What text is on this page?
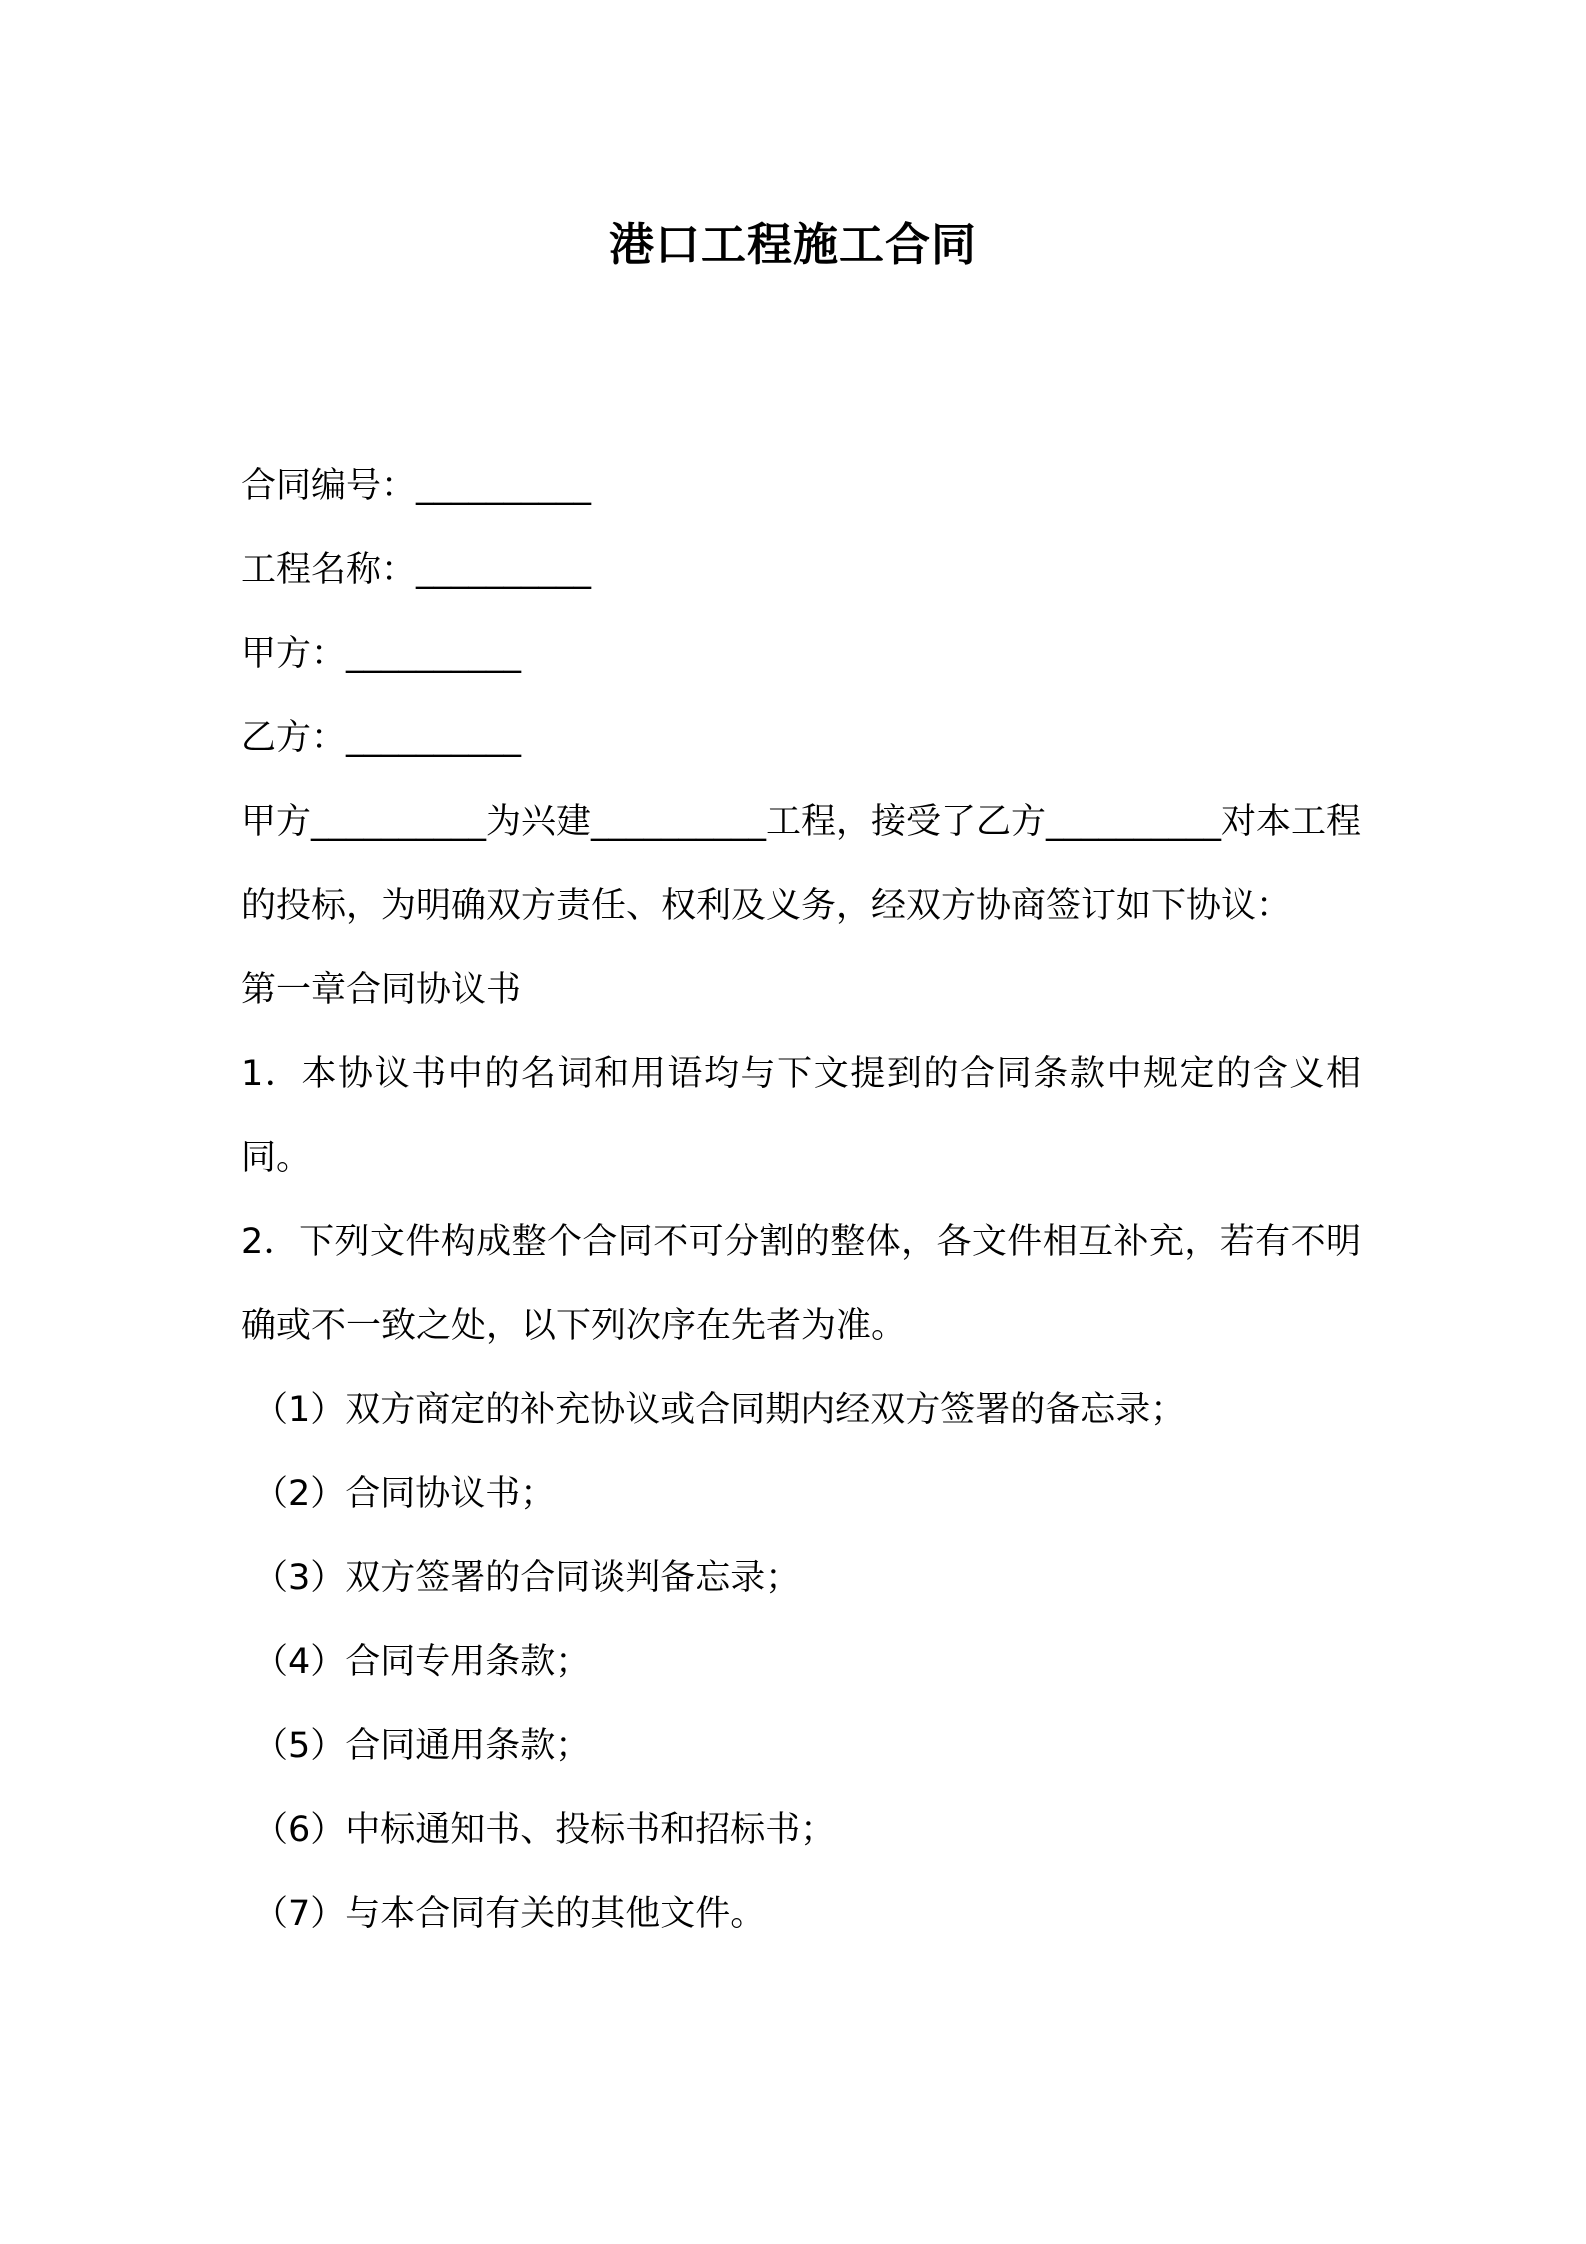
港口工程施工合同
合同编号：__________
工程名称：__________
甲方：__________
乙方：__________
甲方__________为兴建__________工程，接受了乙方__________对本工程的投标，为明确双方责任、权利及义务，经双方协商签订如下协议：
第一章合同协议书
1．本协议书中的名词和用语均与下文提到的合同条款中规定的含义相同。
2．下列文件构成整个合同不可分割的整体，各文件相互补充，若有不明确或不一致之处，以下列次序在先者为准。
（1）双方商定的补充协议或合同期内经双方签署的备忘录；
（2）合同协议书；
（3）双方签署的合同谈判备忘录；
（4）合同专用条款；
（5）合同通用条款；
（6）中标通知书、投标书和招标书；
（7）与本合同有关的其他文件。
